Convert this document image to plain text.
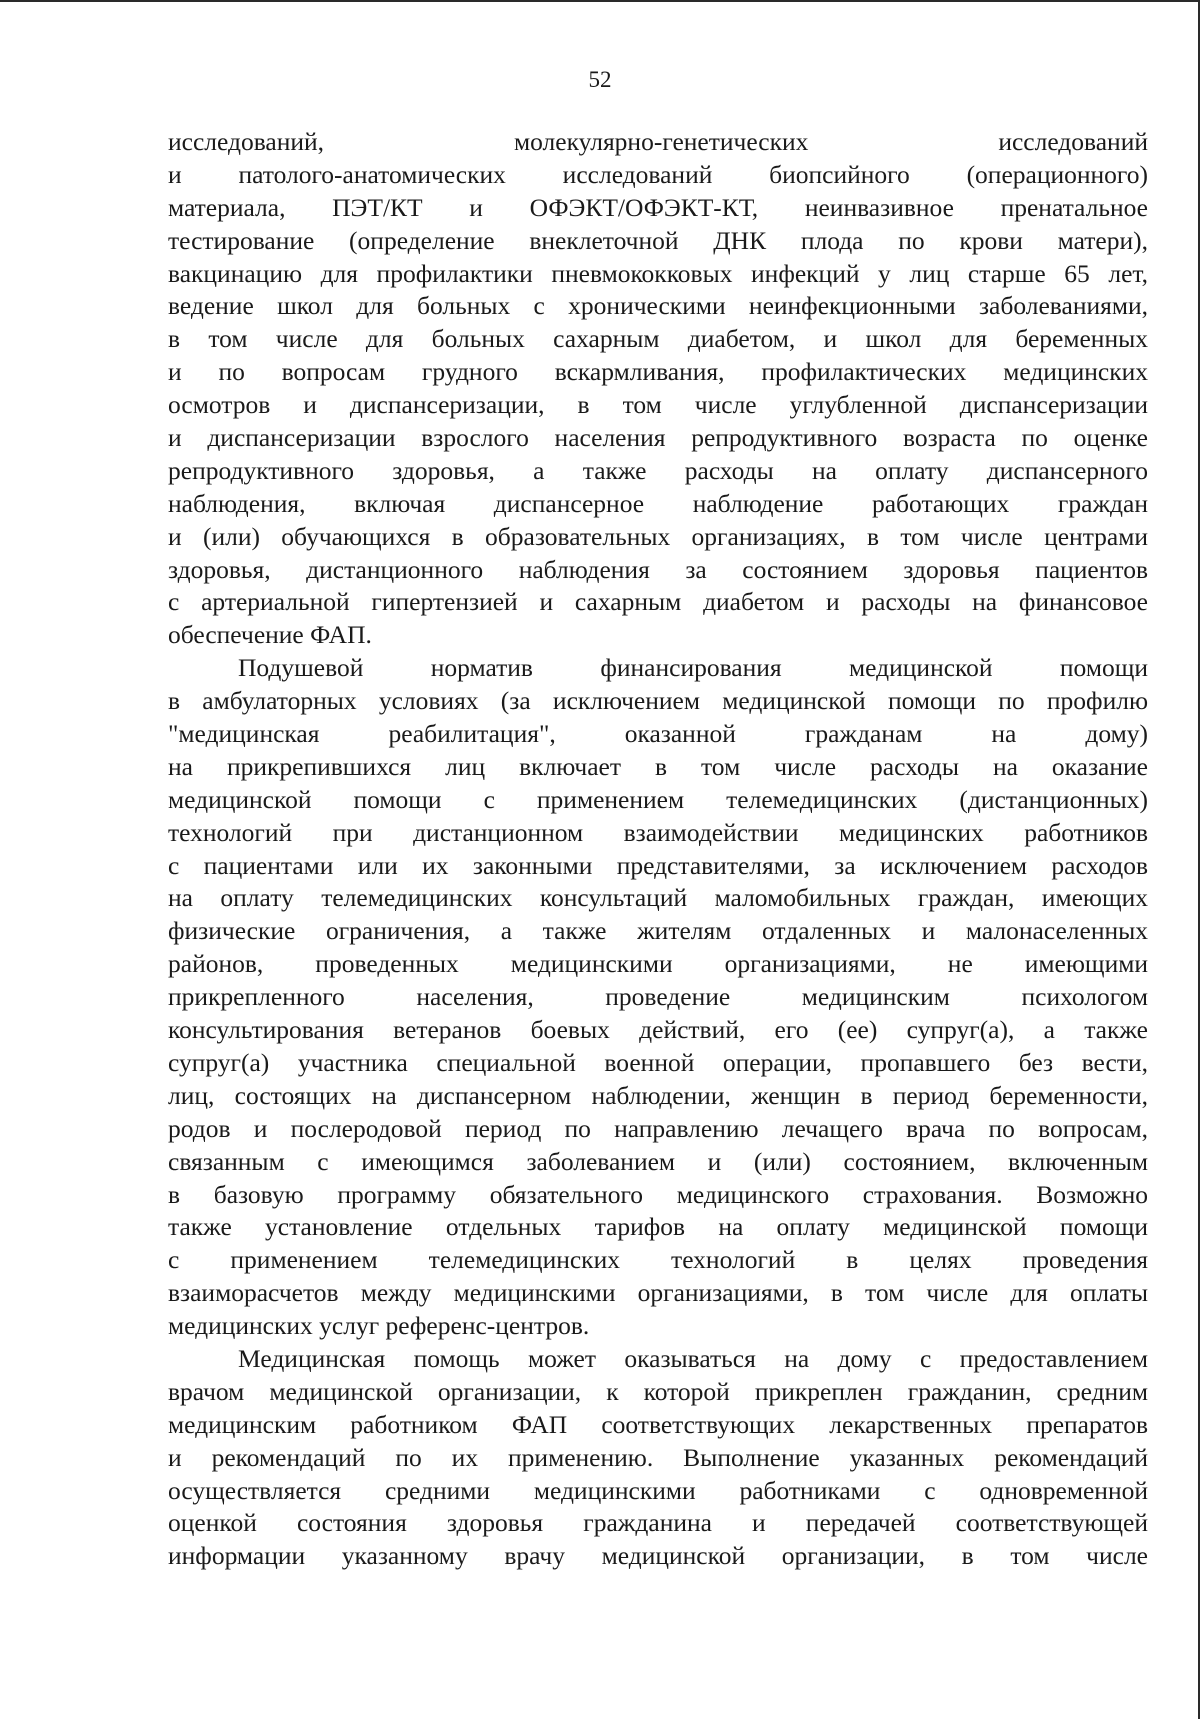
52
исследований, молекулярно-генетических исследований
и патолого-анатомических исследований биопсийного (операционного)
материала, ПЭТ/КТ и ОФЭКТ/ОФЭКТ-КТ, неинвазивное пренатальное
тестирование (определение внеклеточной ДНК плода по крови матери),
вакцинацию для профилактики пневмококковых инфекций у лиц старше 65 лет,
ведение школ для больных с хроническими неинфекционными заболеваниями,
в том числе для больных сахарным диабетом, и школ для беременных
и по вопросам грудного вскармливания, профилактических медицинских
осмотров и диспансеризации, в том числе углубленной диспансеризации
и диспансеризации взрослого населения репродуктивного возраста по оценке
репродуктивного здоровья, а также расходы на оплату диспансерного
наблюдения, включая диспансерное наблюдение работающих граждан
и (или) обучающихся в образовательных организациях, в том числе центрами
здоровья, дистанционного наблюдения за состоянием здоровья пациентов
с артериальной гипертензией и сахарным диабетом и расходы на финансовое
обеспечение ФАП.
Подушевой норматив финансирования медицинской помощи
в амбулаторных условиях (за исключением медицинской помощи по профилю
"медицинская реабилитация", оказанной гражданам на дому)
на прикрепившихся лиц включает в том числе расходы на оказание
медицинской помощи с применением телемедицинских (дистанционных)
технологий при дистанционном взаимодействии медицинских работников
с пациентами или их законными представителями, за исключением расходов
на оплату телемедицинских консультаций маломобильных граждан, имеющих
физические ограничения, а также жителям отдаленных и малонаселенных
районов, проведенных медицинскими организациями, не имеющими
прикрепленного населения, проведение медицинским психологом
консультирования ветеранов боевых действий, его (ее) супруг(а), а также
супруг(а) участника специальной военной операции, пропавшего без вести,
лиц, состоящих на диспансерном наблюдении, женщин в период беременности,
родов и послеродовой период по направлению лечащего врача по вопросам,
связанным с имеющимся заболеванием и (или) состоянием, включенным
в базовую программу обязательного медицинского страхования. Возможно
также установление отдельных тарифов на оплату медицинской помощи
с применением телемедицинских технологий в целях проведения
взаиморасчетов между медицинскими организациями, в том числе для оплаты
медицинских услуг референс-центров.
Медицинская помощь может оказываться на дому с предоставлением
врачом медицинской организации, к которой прикреплен гражданин, средним
медицинским работником ФАП соответствующих лекарственных препаратов
и рекомендаций по их применению. Выполнение указанных рекомендаций
осуществляется средними медицинскими работниками с одновременной
оценкой состояния здоровья гражданина и передачей соответствующей
информации указанному врачу медицинской организации, в том числе
